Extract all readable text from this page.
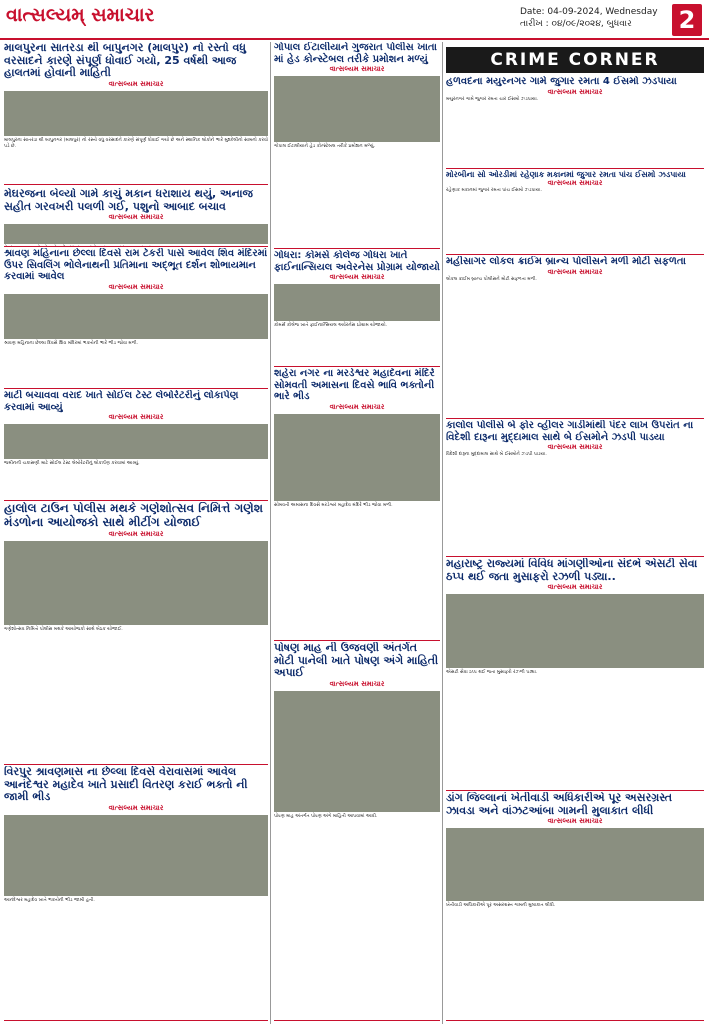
વાત્સલ્યમ્ સમાચાર	Date: 04-09-2024, Wednesday
તારીખ : ૦૪/૦૯/૨૦૨૪, બુધવાર	2
CRIME CORNER
માલપુરના સાતરડા થી બાપુનગર (માલપુર) નો રસ્તો વધુ વરસાદને કારણે સંપૂર્ણ ધોવાઈ ગયો, 25 વર્ષથી આજ હાલતમાં હોવાની માહિતી
વાત્સલ્યમ સમાચાર
માલપુરના સાતરડા થી બાપુનગર (માલપુર) નો રસ્તો વધુ વરસાદને કારણે સંપૂર્ણ ધોવાઈ ગયો છે અને સ્થાનિક લોકોને ભારે મુશ્કેલીનો સામનો કરવો પડે છે.
મેઘરજના બેલ્યો ગામે કાચું મકાન ધરાશાય થયું, અનાજ સહીત ગરવખરી પલળી ગઈ, પશુનો આબાદ બચાવ
વાત્સલ્યમ સમાચાર
શ્રાવણ મહિનાના છેલ્લા દિવસે રામ ટેકરી પાસે આવેલ શિવ મંદિરમાં ઉપર સિવલિંગ ભોલેનાથની પ્રતિમાના અદ્ભૂત દર્શન શોભાયમાન કરવામાં આવેલ
વાત્સલ્યમ સમાચાર
શ્રાવણ મહિનાના છેલ્લા દિવસે શિવ મંદિરમાં ભક્તોની ભારે ભીડ જોવા મળી.
માટી બચાવવા વરાદ ખાતે સોઈલ ટેસ્ટ લેબોરેટરીનું લોકાર્પણ કરવામાં આવ્યું
વાત્સલ્યમ સમાચાર
જમીનની ચકાસણી માટે સોઈલ ટેસ્ટ લેબોરેટરીનું લોકાર્પણ કરવામાં આવ્યું.
હાલોલ ટાઉન પોલીસ મથકે ગણેશોત્સવ નિમિત્તે ગણેશ મંડળોના આયોજકો સાથે મીટીંગ યોજાઈ
વાત્સલ્યમ સમાચાર
ગણેશોત્સવ નિમિત્તે પોલીસ મથકે આયોજકો સાથે બેઠક યોજાઈ.
વિરપુર શ્રાવણમાસ ના છેલ્લા દિવસે વેરાવાસમાં આવેલ આનંદેશ્વર મહાદેવ ખાતે પ્રસાદી વિતરણ કરાઈ ભક્તો ની જામી ભીડ
વાત્સલ્યમ સમાચાર
આનંદેશ્વર મહાદેવ ખાતે ભક્તોની ભીડ જામી હતી.
ગોપાલ ઈટાલીયાને ગુજરાત પોલીસ ખાતા માં હેડ કોન્સ્ટેબલ તરીકે પ્રમોશન મળ્યું
વાત્સલ્યમ સમાચાર
ગોપાલ ઈટાલીયાને હેડ કોન્સ્ટેબલ તરીકે પ્રમોશન મળ્યું.
ગોધરા: કોમર્સ કોલેજ ગોધરા ખાતે ફાઈનાન્સિયલ અવેરનેસ પ્રોગ્રામ યોજાયો
વાત્સલ્યમ સમાચાર
કોમર્સ કોલેજ ખાતે ફાઈનાન્સિયલ અવેરનેસ પ્રોગ્રામ યોજાયો.
શહેરા નગર ના મરડેશ્વર મહાદેવના મંદિરે સોમવતી અમાસના દિવસે ભાવિ ભક્તોની ભારે ભીડ
વાત્સલ્યમ સમાચાર
સોમવતી અમાસના દિવસે મરડેશ્વર મહાદેવ મંદિરે ભીડ જોવા મળી.
પોષણ માહ ની ઉજવણી અંતર્ગત મોટી પાનેલી ખાતે પોષણ અંગે માહિતી અપાઈ
વાત્સલ્યમ સમાચાર
પોષણ માહ અંતર્ગત પોષણ અંગે માહિતી આપવામાં આવી.
હળવદના મયુરનગર ગામે જુગાર રમતા 4 ઈસમો ઝડપાયા
વાત્સલ્યમ સમાચાર
મયુરનગર ગામે જુગાર રમતા ચાર ઈસમો ઝડપાયા.
મોરબીના સો ઓરડીમાં રહેણાક મકાનમાં જુગાર રમતા પાંચ ઈસમો ઝડપાયા
વાત્સલ્યમ સમાચાર
રહેણાક મકાનમાં જુગાર રમતા પાંચ ઈસમો ઝડપાયા.
મહીસાગર લોકલ ક્રાઈમ બ્રાન્ચ પોલીસને મળી મોટી સફળતા
વાત્સલ્યમ સમાચાર
લોકલ ક્રાઈમ બ્રાન્ચ પોલીસને મોટી સફળતા મળી.
કાલોલ પોલીસે બે ફોર વ્હીલર ગાડીમાંથી પંદર લાખ ઉપરાંત ના વિદેશી દારૂના મુદ્દામાલ સાથે બે ઈસમોને ઝડપી પાડયા
વાત્સલ્યમ સમાચાર
વિદેશી દારૂના મુદ્દામાલ સાથે બે ઈસમોને ઝડપી પાડયા.
મહારાષ્ટ્ર રાજ્યમાં વિવિધ માંગણીઓના સંદર્ભે એસટી સેવા ઠપ્પ થઈ જતા મુસાફરો રઝળી પડ્યા..
વાત્સલ્યમ સમાચાર
એસટી સેવા ઠપ્પ થઈ જતા મુસાફરો રઝળી પડ્યા.
ડાંગ જિલ્લાનાં ખેતીવાડી અધિકારીએ પૂર અસરગ્રસ્ત ઝાવડા અને વાંઝટઆંબા ગામની મુલાકાત લીધી
વાત્સલ્યમ સમાચાર
ખેતીવાડી અધિકારીએ પૂર અસરગ્રસ્ત ગામની મુલાકાત લીધી.
